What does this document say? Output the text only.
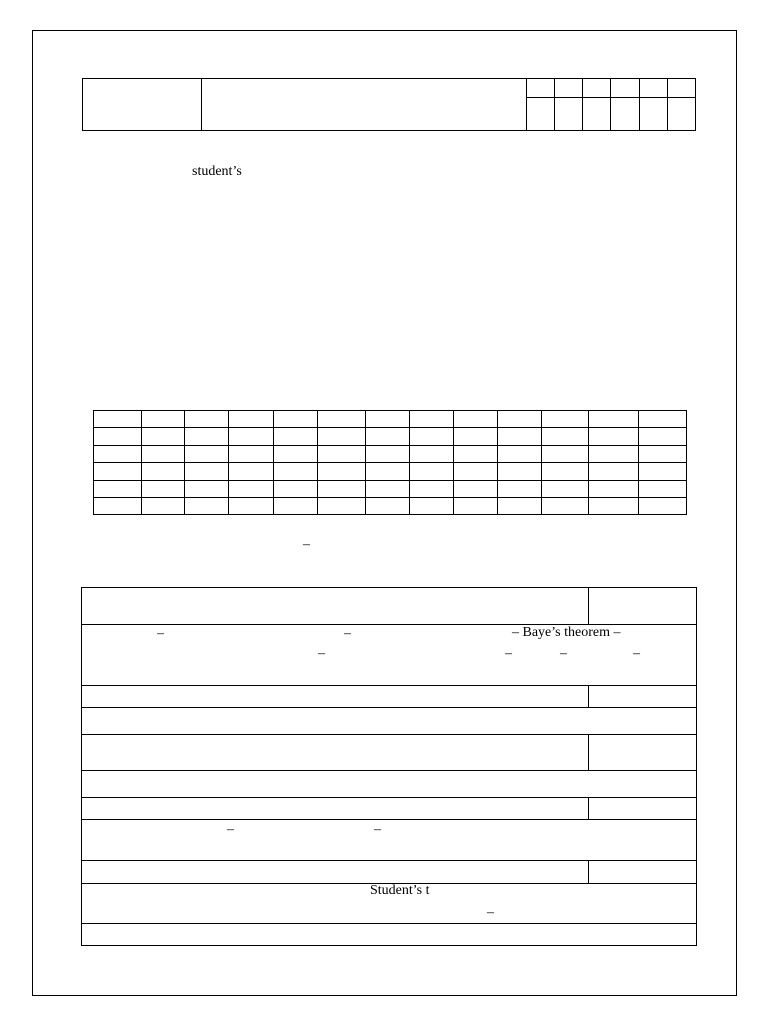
student’s

–

–	–	– Baye’s theorem –
–	–	–	–
–	–
Student’s t
–
